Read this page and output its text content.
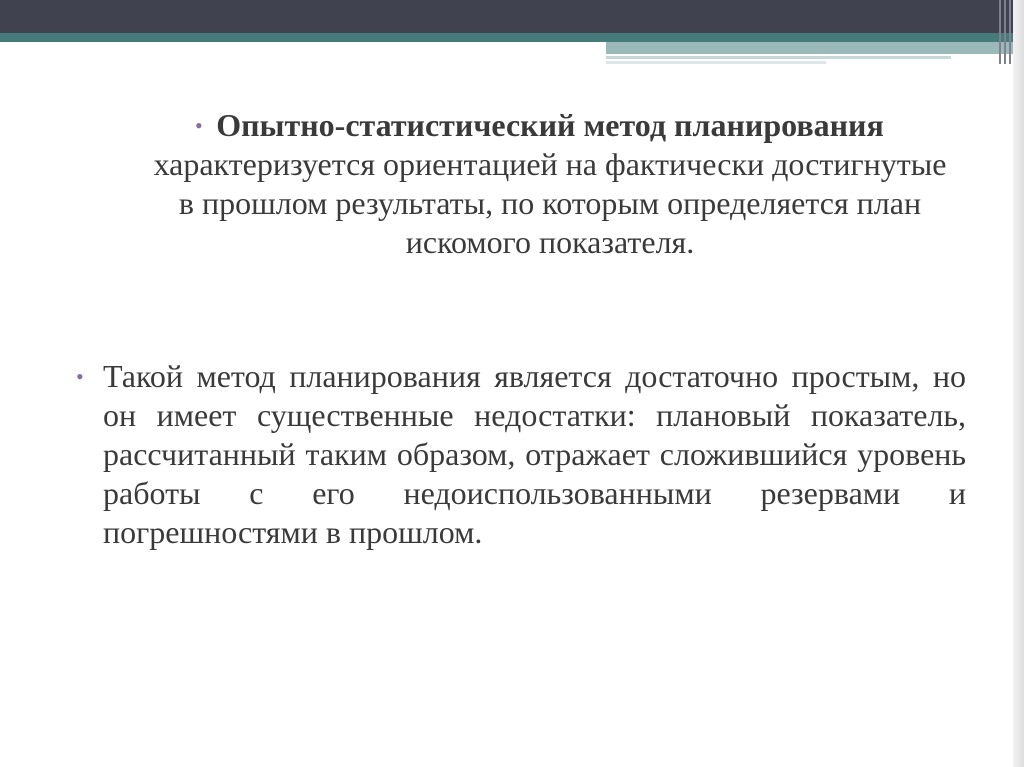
• Опытно-статистический метод планирования характеризуется ориентацией на фактически достигнутые в прошлом результаты, по которым определяется план искомого показателя.
• Такой метод планирования является достаточно простым, но он имеет существенные недостатки: плановый показатель, рассчитанный таким образом, отражает сложившийся уровень работы с его недоиспользованными резервами и погрешностями в прошлом.
